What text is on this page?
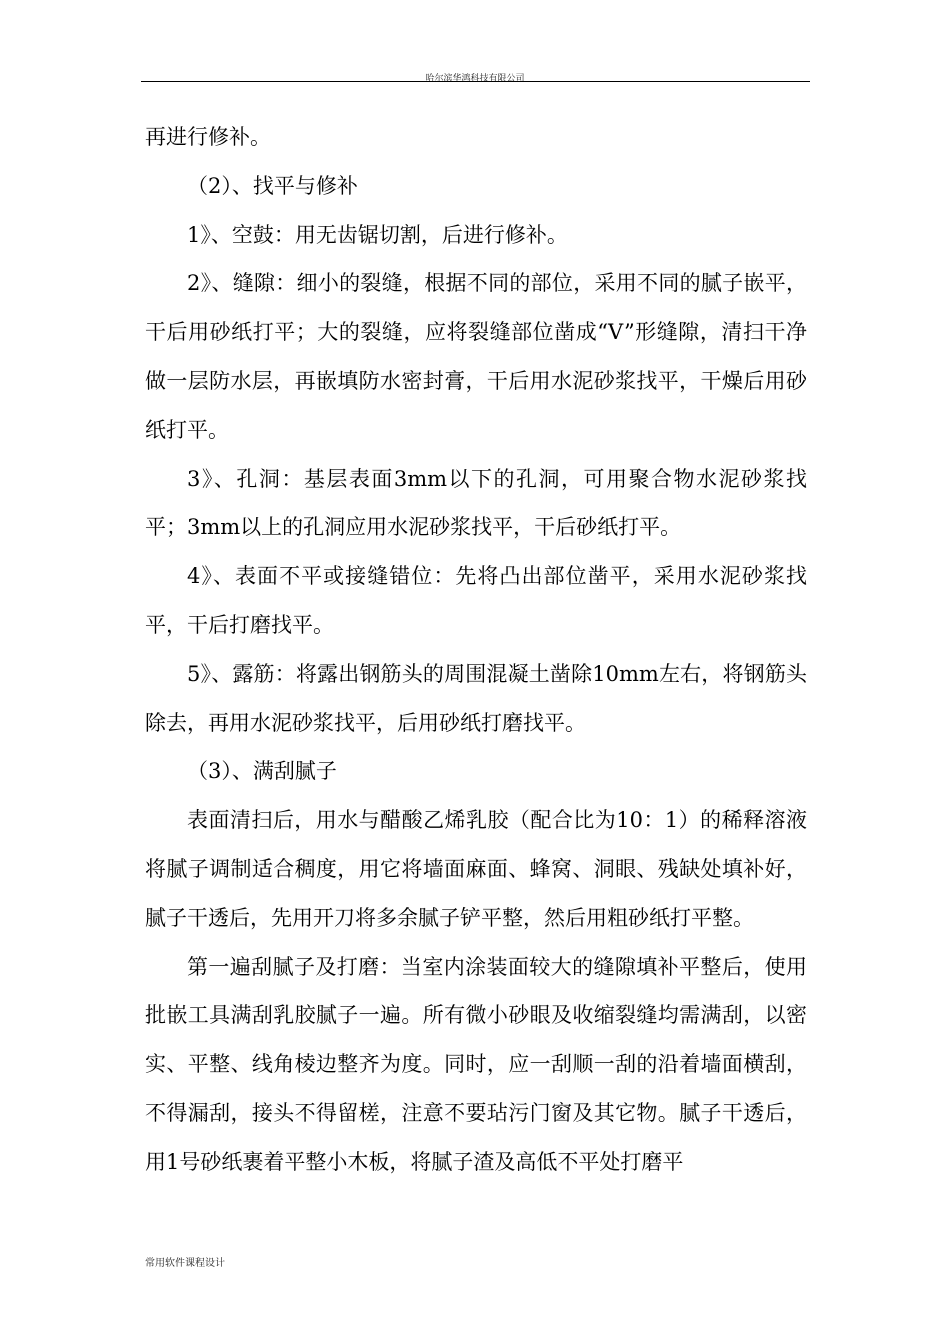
哈尔滨华鸿科技有限公司

再进行修补。

（2）、找平与修补

1》、空鼓：用无齿锯切割，后进行修补。

2》、缝隙：细小的裂缝，根据不同的部位，采用不同的腻子嵌平，干后用砂纸打平；大的裂缝，应将裂缝部位凿成“V”形缝隙，清扫干净做一层防水层，再嵌填防水密封膏，干后用水泥砂浆找平，干燥后用砂纸打平。

3》、孔洞：基层表面3mm以下的孔洞，可用聚合物水泥砂浆找平；3mm以上的孔洞应用水泥砂浆找平，干后砂纸打平。

4》、表面不平或接缝错位：先将凸出部位凿平，采用水泥砂浆找平，干后打磨找平。

5》、露筋：将露出钢筋头的周围混凝土凿除10mm左右，将钢筋头除去，再用水泥砂浆找平，后用砂纸打磨找平。

（3）、满刮腻子

表面清扫后，用水与醋酸乙烯乳胶（配合比为10：1）的稀释溶液将腻子调制适合稠度，用它将墙面麻面、蜂窝、洞眼、残缺处填补好，腻子干透后，先用开刀将多余腻子铲平整，然后用粗砂纸打平整。

第一遍刮腻子及打磨：当室内涂装面较大的缝隙填补平整后，使用批嵌工具满刮乳胶腻子一遍。所有微小砂眼及收缩裂缝均需满刮，以密实、平整、线角棱边整齐为度。同时，应一刮顺一刮的沿着墙面横刮，不得漏刮，接头不得留槎，注意不要玷污门窗及其它物。腻子干透后，用1号砂纸裹着平整小木板，将腻子渣及高低不平处打磨平

常用软件课程设计
